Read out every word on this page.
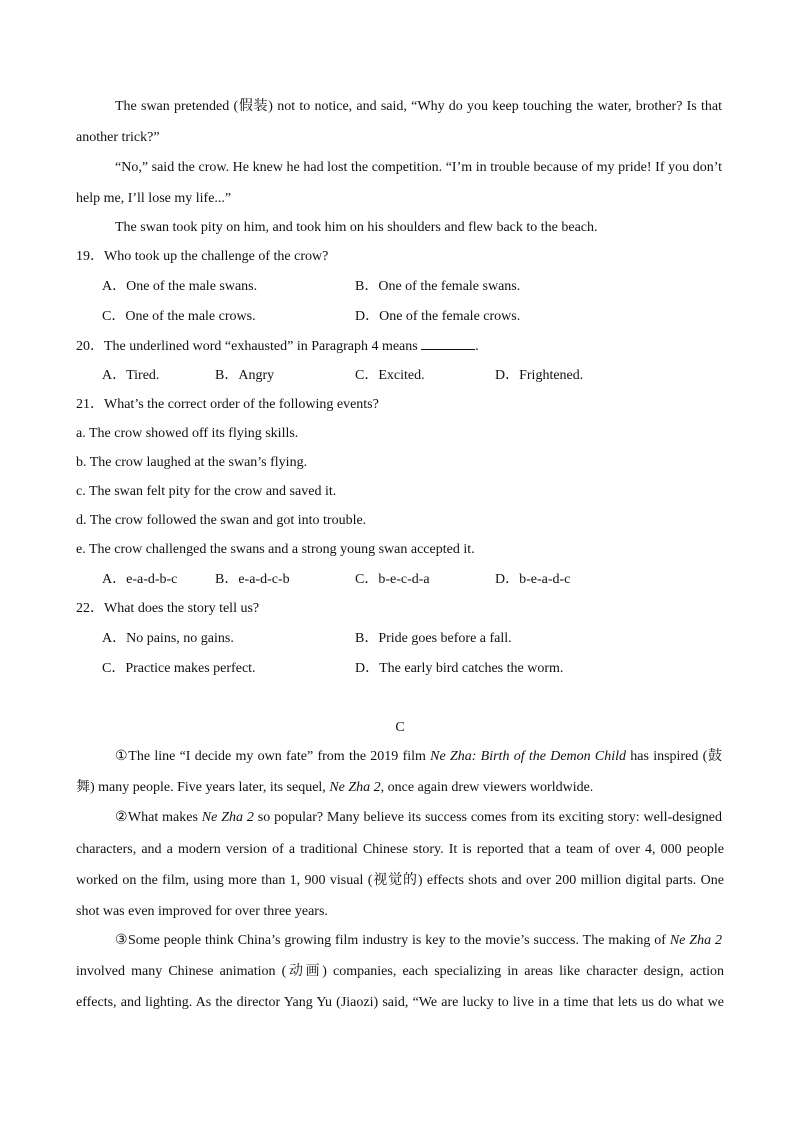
The swan pretended (假装) not to notice, and said, “Why do you keep touching the water, brother? Is that
another trick?”
“No,” said the crow. He knew he had lost the competition. “I’m in trouble because of my pride! If you don’t
help me, I’ll lose my life...”
The swan took pity on him, and took him on his shoulders and flew back to the beach.
19．Who took up the challenge of the crow?
A．One of the male swans.	B．One of the female swans.
C．One of the male crows.	D．One of the female crows.
20．The underlined word “exhausted” in Paragraph 4 means	.
A．Tired.	B．Angry	C．Excited.	D．Frightened.
21．What’s the correct order of the following events?
a. The crow showed off its flying skills.
b. The crow laughed at the swan’s flying.
c. The swan felt pity for the crow and saved it.
d. The crow followed the swan and got into trouble.
e. The crow challenged the swans and a strong young swan accepted it.
A．e-a-d-b-c	B．e-a-d-c-b	C．b-e-c-d-a	D．b-e-a-d-c
22．What does the story tell us?
A．No pains, no gains.	B．Pride goes before a fall.
C．Practice makes perfect.	D．The early bird catches the worm.
C
①The line “I decide my own fate” from the 2019 film Ne Zha: Birth of the Demon Child has inspired (鼓
舞) many people. Five years later, its sequel, Ne Zha 2, once again drew viewers worldwide.
②What makes Ne Zha 2 so popular? Many believe its success comes from its exciting story: well-designed
characters, and a modern version of a traditional Chinese story. It is reported that a team of over 4, 000 people
worked on the film, using more than 1, 900 visual (视觉的) effects shots and over 200 million digital parts. One
shot was even improved for over three years.
③Some people think China’s growing film industry is key to the movie’s success. The making of Ne Zha 2
involved many Chinese animation (动画) companies, each specializing in areas like character design, action
effects, and lighting. As the director Yang Yu (Jiaozi) said, “We are lucky to live in a time that lets us do what we
